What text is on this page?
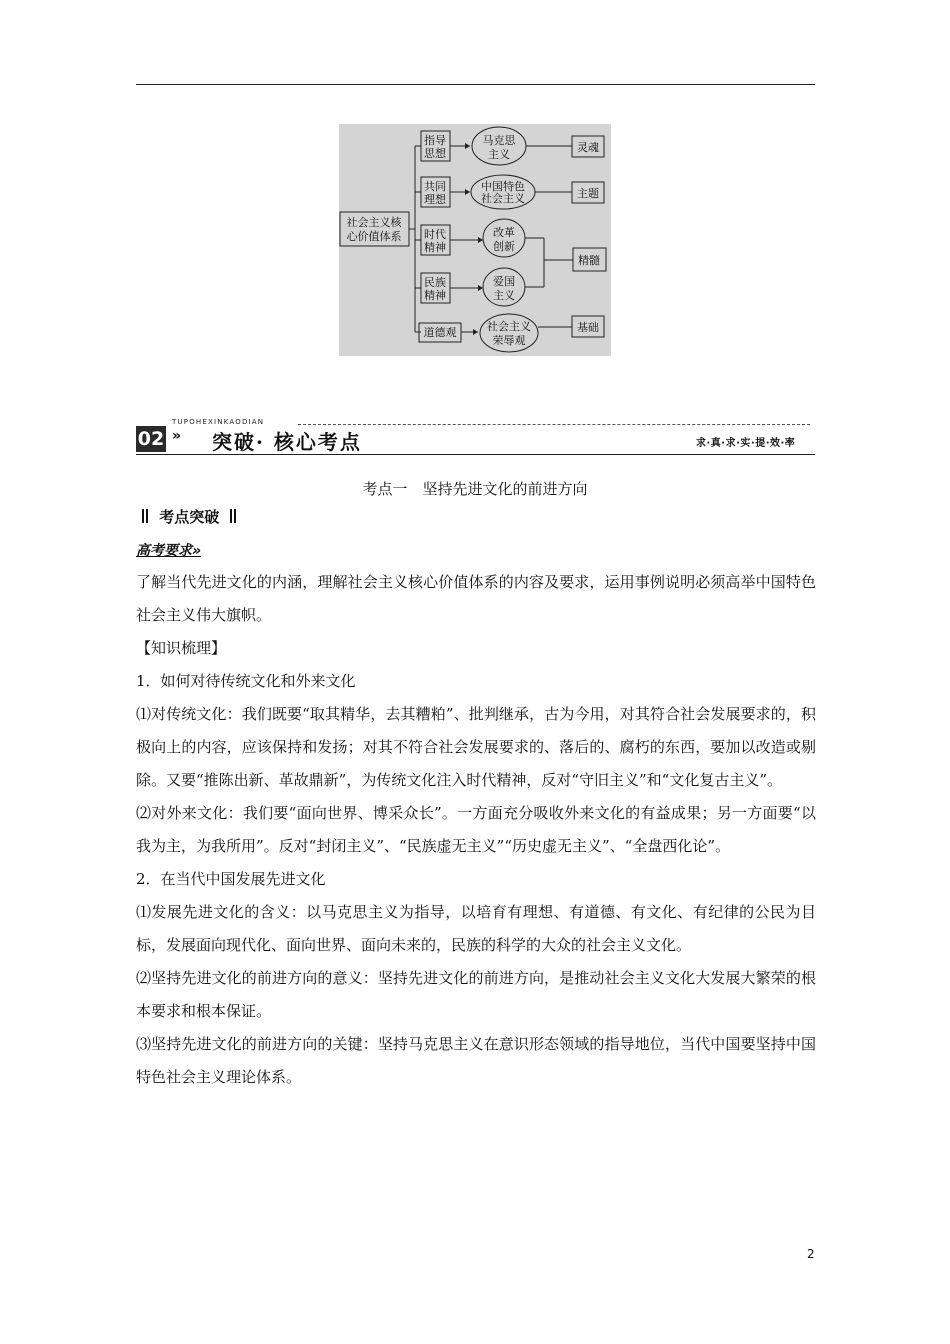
社会主义核
心价值体系
指导
思想
共同
理想
时代
精神
民族
精神
道德观
马克思
主义
中国特色
社会主义
改革
创新
爱国
主义
社会主义
荣辱观
灵魂
主题
精髓
基础
TUPOHEXINKAODIAN
02 » 突破· 核心考点	求·真·求·实·提·效·率
考点一　坚持先进文化的前进方向
考点突破
高考要求»

了解当代先进文化的内涵，理解社会主义核心价值体系的内容及要求，运用事例说明必须高举中国特色社会主义伟大旗帜。

【知识梳理】

1．如何对待传统文化和外来文化

⑴对传统文化：我们既要“取其精华，去其糟粕”、批判继承，古为今用，对其符合社会发展要求的，积极向上的内容，应该保持和发扬；对其不符合社会发展要求的、落后的、腐朽的东西，要加以改造或剔除。又要“推陈出新、革故鼎新”，为传统文化注入时代精神，反对“守旧主义”和“文化复古主义”。

⑵对外来文化：我们要“面向世界、博采众长”。一方面充分吸收外来文化的有益成果；另一方面要“以我为主，为我所用”。反对“封闭主义”、“民族虚无主义”“历史虚无主义”、“全盘西化论”。

2．在当代中国发展先进文化

⑴发展先进文化的含义：以马克思主义为指导，以培育有理想、有道德、有文化、有纪律的公民为目标，发展面向现代化、面向世界、面向未来的，民族的科学的大众的社会主义文化。

⑵坚持先进文化的前进方向的意义：坚持先进文化的前进方向，是推动社会主义文化大发展大繁荣的根本要求和根本保证。

⑶坚持先进文化的前进方向的关键：坚持马克思主义在意识形态领域的指导地位，当代中国要坚持中国特色社会主义理论体系。

2
